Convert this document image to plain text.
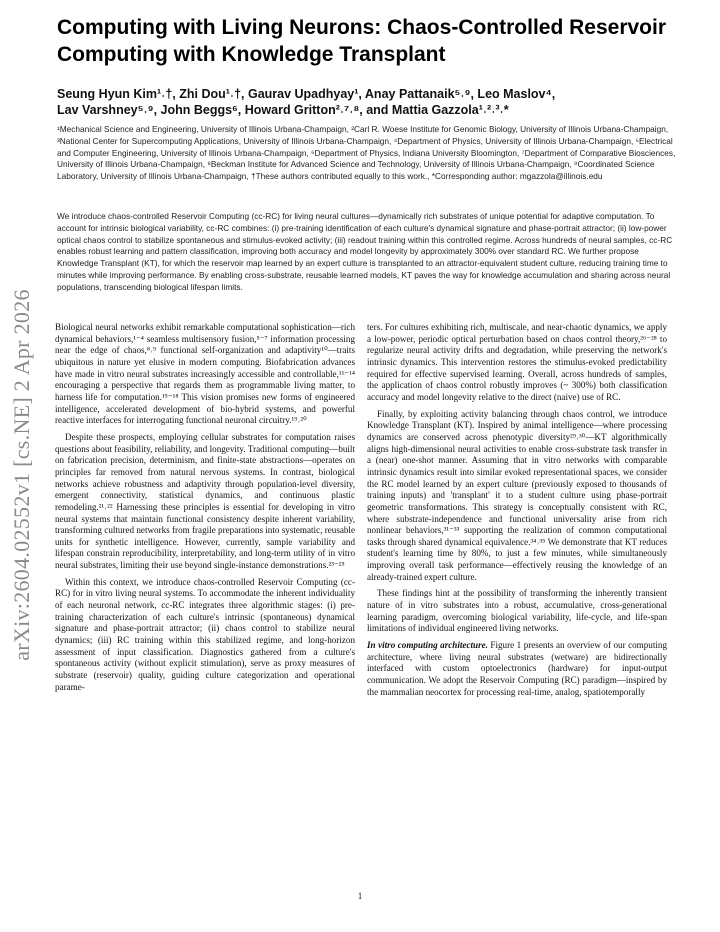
arXiv:2604.02552v1 [cs.NE] 2 Apr 2026
Computing with Living Neurons: Chaos-Controlled Reservoir Computing with Knowledge Transplant
Seung Hyun Kim¹˒†, Zhi Dou¹˒†, Gaurav Upadhyay¹, Anay Pattanaik⁵˒⁹, Leo Maslov⁴,
Lav Varshney⁵˒⁹, John Beggs⁶, Howard Gritton²˒⁷˒⁸, and Mattia Gazzola¹˒²˒³˒*
¹Mechanical Science and Engineering, University of Illinois Urbana-Champaign, ²Carl R. Woese Institute for Genomic Biology, University of Illinois Urbana-Champaign, ³National Center for Supercomputing Applications, University of Illinois Urbana-Champaign, ⁴Department of Physics, University of Illinois Urbana-Champaign, ⁵Electrical and Computer Engineering, University of Illinois Urbana-Champaign, ⁶Department of Physics, Indiana University Bloomington, ⁷Department of Comparative Biosciences, University of Illinois Urbana-Champaign, ⁸Beckman Institute for Advanced Science and Technology, University of Illinois Urbana-Champaign, ⁹Coordinated Science Laboratory, University of Illinois Urbana-Champaign, †These authors contributed equally to this work., *Corresponding author: mgazzola@illinois.edu
We introduce chaos-controlled Reservoir Computing (cc-RC) for living neural cultures—dynamically rich substrates of unique potential for adaptive computation. To account for intrinsic biological variability, cc-RC combines: (i) pre-training identification of each culture's dynamical signature and phase-portrait attractor; (ii) low-power optical chaos control to stabilize spontaneous and stimulus-evoked activity; (iii) readout training within this controlled regime. Across hundreds of neural samples, cc-RC enables robust learning and pattern classification, improving both accuracy and model longevity by approximately 300% over standard RC. We further propose Knowledge Transplant (KT), for which the reservoir map learned by an expert culture is transplanted to an attractor-equivalent student culture, reducing training time to minutes while improving performance. By enabling cross-substrate, reusable learned models, KT paves the way for knowledge accumulation and sharing across neural populations, transcending biological lifespan limits.

Biological neural networks exhibit remarkable computational sophistication—rich dynamical behaviors,¹⁻⁴ seamless multisensory fusion,⁵⁻⁷ information processing near the edge of chaos,⁸˒⁹ functional self-organization and adaptivity¹⁰—traits ubiquitous in nature yet elusive in modern computing. Biofabrication advances have made in vitro neural substrates increasingly accessible and controllable,¹¹⁻¹⁴ encouraging a perspective that regards them as programmable living matter, to harness life for computation.¹⁵⁻¹⁸ This vision promises new forms of engineered intelligence, accelerated development of bio-hybrid systems, and powerful reactive interfaces for interrogating functional neuronal circuitry.¹⁹˒²⁰

Despite these prospects, employing cellular substrates for computation raises questions about feasibility, reliability, and longevity. Traditional computing—built on fabrication precision, determinism, and finite-state abstractions—operates on principles far removed from natural nervous systems. In contrast, biological networks achieve robustness and adaptivity through population-level diversity, emergent connectivity, statistical dynamics, and continuous plastic remodeling.²¹˒²² Harnessing these principles is essential for developing in vitro neural systems that maintain functional consistency despite inherent variability, transforming cultured networks from fragile preparations into systematic, reusable units for synthetic intelligence. However, currently, sample variability and lifespan constrain reproducibility, interpretability, and long-term utility of in vitro neural substrates, limiting their use beyond single-instance demonstrations.²³⁻²⁵

Within this context, we introduce chaos-controlled Reservoir Computing (cc-RC) for in vitro living neural systems. To accommodate the inherent individuality of each neuronal network, cc-RC integrates three algorithmic stages: (i) pre-training characterization of each culture's intrinsic (spontaneous) dynamical signature and phase-portrait attractor; (ii) chaos control to stabilize neural dynamics; (iii) RC training within this stabilized regime, and long-horizon assessment of input classification. Diagnostics gathered from a culture's spontaneous activity (without explicit stimulation), serve as proxy measures of substrate (reservoir) quality, guiding culture categorization and operational parame-

ters. For cultures exhibiting rich, multiscale, and near-chaotic dynamics, we apply a low-power, periodic optical perturbation based on chaos control theory,²⁶⁻²⁸ to regularize neural activity drifts and degradation, while preserving the network's intrinsic dynamics. This intervention restores the stimulus-evoked predictability required for effective supervised learning. Overall, across hundreds of samples, the application of chaos control robustly improves (~ 300%) both classification accuracy and model longevity relative to the direct (naive) use of RC.

Finally, by exploiting activity balancing through chaos control, we introduce Knowledge Transplant (KT). Inspired by animal intelligence—where processing dynamics are conserved across phenotypic diversity²⁹˒³⁰—KT algorithmically aligns high-dimensional neural activities to enable cross-substrate task transfer in a (near) one-shot manner. Assuming that in vitro networks with comparable intrinsic dynamics result into similar evoked representational spaces, we consider the RC model learned by an expert culture (previously exposed to thousands of training inputs) and 'transplant' it to a student culture using phase-portrait geometric transformations. This strategy is conceptually consistent with RC, where substrate-independence and functional universality arise from rich nonlinear behaviors,³¹⁻³³ supporting the realization of common computational tasks through shared dynamical equivalence.³⁴˒³⁵ We demonstrate that KT reduces student's learning time by 80%, to just a few minutes, while simultaneously improving overall task performance—effectively reusing the knowledge of an already-trained expert culture.

These findings hint at the possibility of transforming the inherently transient nature of in vitro substrates into a robust, accumulative, cross-generational learning paradigm, overcoming biological variability, life-cycle, and life-span limitations of individual engineered living networks.

In vitro computing architecture. Figure 1 presents an overview of our computing architecture, where living neural substrates (wetware) are bidirectionally interfaced with custom optoelectronics (hardware) for input-output communication. We adopt the Reservoir Computing (RC) paradigm—inspired by the mammalian neocortex for processing real-time, analog, spatiotemporally

1
